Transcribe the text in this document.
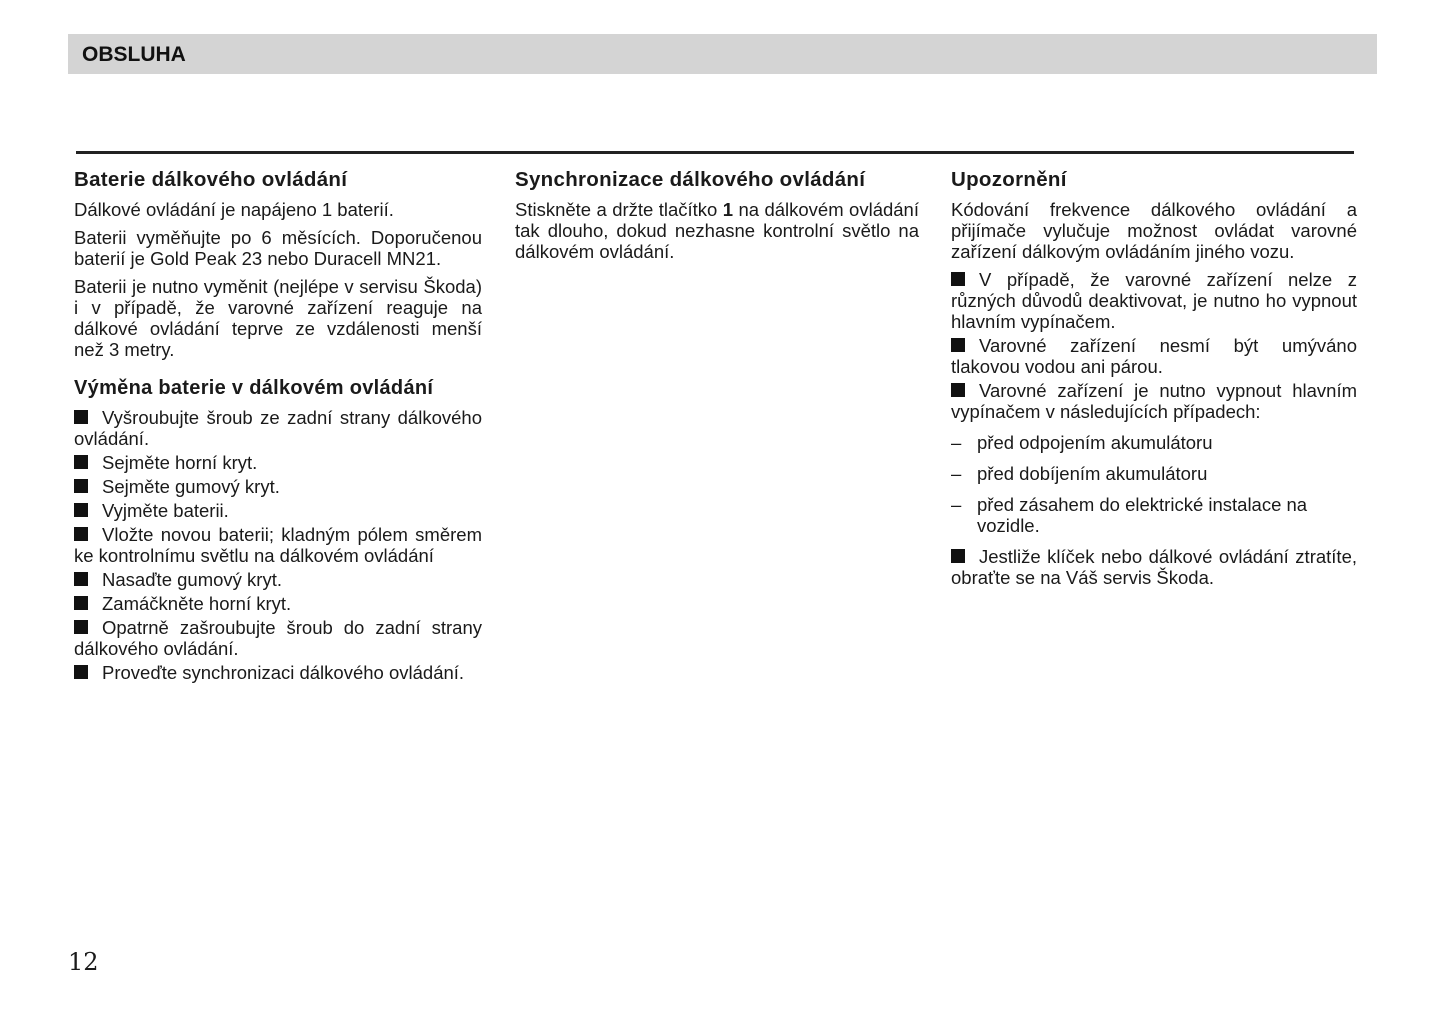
OBSLUHA
Baterie dálkového ovládání

Dálkové ovládání je napájeno 1 baterií.

Baterii vyměňujte po 6 měsících. Doporučenou baterií je Gold Peak 23 nebo Duracell MN21.

Baterii je nutno vyměnit (nejlépe v servisu Škoda) i v případě, že varovné zařízení reaguje na dálkové ovládání teprve ze vzdálenosti menší než 3 metry.

Výměna baterie v dálkovém ovládání
Vyšroubujte šroub ze zadní strany dálkového ovládání.
Sejměte horní kryt.
Sejměte gumový kryt.
Vyjměte baterii.
Vložte novou baterii; kladným pólem směrem ke kontrolnímu světlu na dálkovém ovládání
Nasaďte gumový kryt.
Zamáčkněte horní kryt.
Opatrně zašroubujte šroub do zadní strany dálkového ovládání.
Proveďte synchronizaci dálkového ovládání.
Synchronizace dálkového ovládání

Stiskněte a držte tlačítko 1 na dálkovém ovládání tak dlouho, dokud nezhasne kontrolní světlo na dálkovém ovládání.

Upozornění

Kódování frekvence dálkového ovládání a přijímače vylučuje možnost ovládat varovné zařízení dálkovým ovládáním jiného vozu.

V případě, že varovné zařízení nelze z různých důvodů deaktivovat, je nutno ho vypnout hlavním vypínačem.
Varovné zařízení nesmí být umýváno tlakovou vodou ani párou.
Varovné zařízení je nutno vypnout hlavním vypínačem v následujících případech:
– před odpojením akumulátoru
– před dobíjením akumulátoru
– před zásahem do elektrické instalace na vozidle.
Jestliže klíček nebo dálkové ovládání ztratíte, obraťte se na Váš servis Škoda.
12
